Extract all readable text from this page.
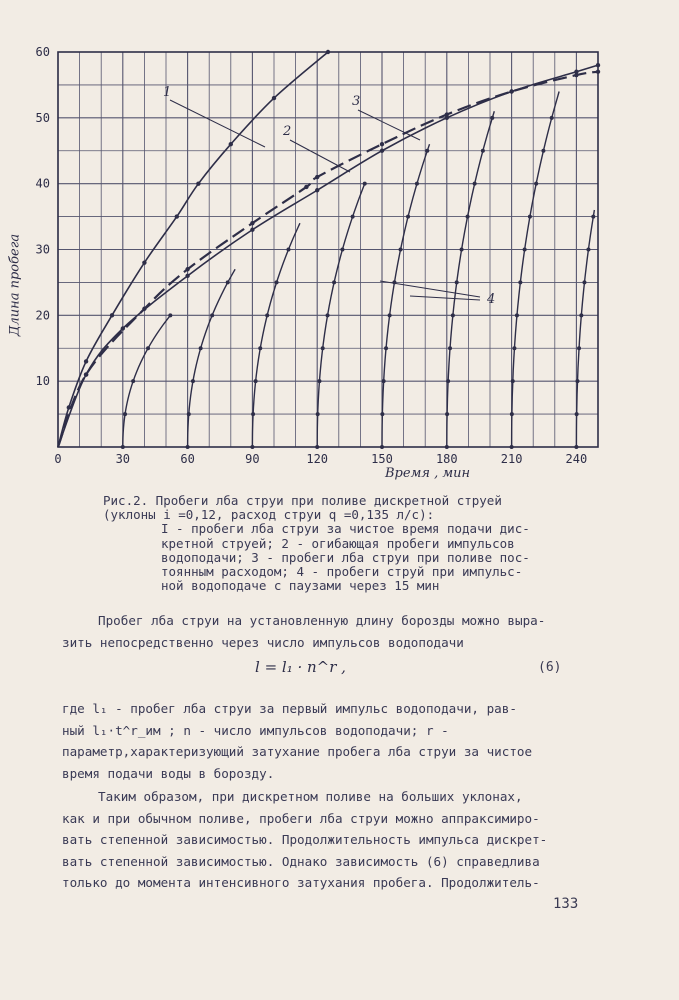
10
20
30
40
50
60
0	30	60	90	120	150	180	210	240
1
2
3
4
Длина пробега
Время , мин
Рис.2. Пробеги лба струи при поливе дискретной струей
(уклоны i =0,12, расход струи q =0,135 л/с):
I - пробеги лба струи за чистое время подачи дис-
кретной струей; 2 - огибающая пробеги импульсов
водоподачи; 3 - пробеги лба струи при поливе пос-
тоянным расходом; 4 - пробеги струй при импульс-
ной водоподаче с паузами через 15 мин
Пробег лба струи на установленную длину борозды можно выра-
зить непосредственно через число импульсов водоподачи
l = l₁ · n^r ,	(6)
где l₁ - пробег лба струи за первый импульс водоподачи, рав-
ный l₁·t^r_им ; n - число импульсов водоподачи; r -
параметр,характеризующий затухание пробега лба струи за чистое
время подачи воды в борозду.
Таким образом, при дискретном поливе на больших уклонах,
как и при обычном поливе, пробеги лба струи можно аппраксимиро-
вать степенной зависимостью. Продолжительность импульса дискрет-
вать степенной зависимостью. Однако зависимость (6) справедлива
только до момента интенсивного затухания пробега. Продолжитель-
133
